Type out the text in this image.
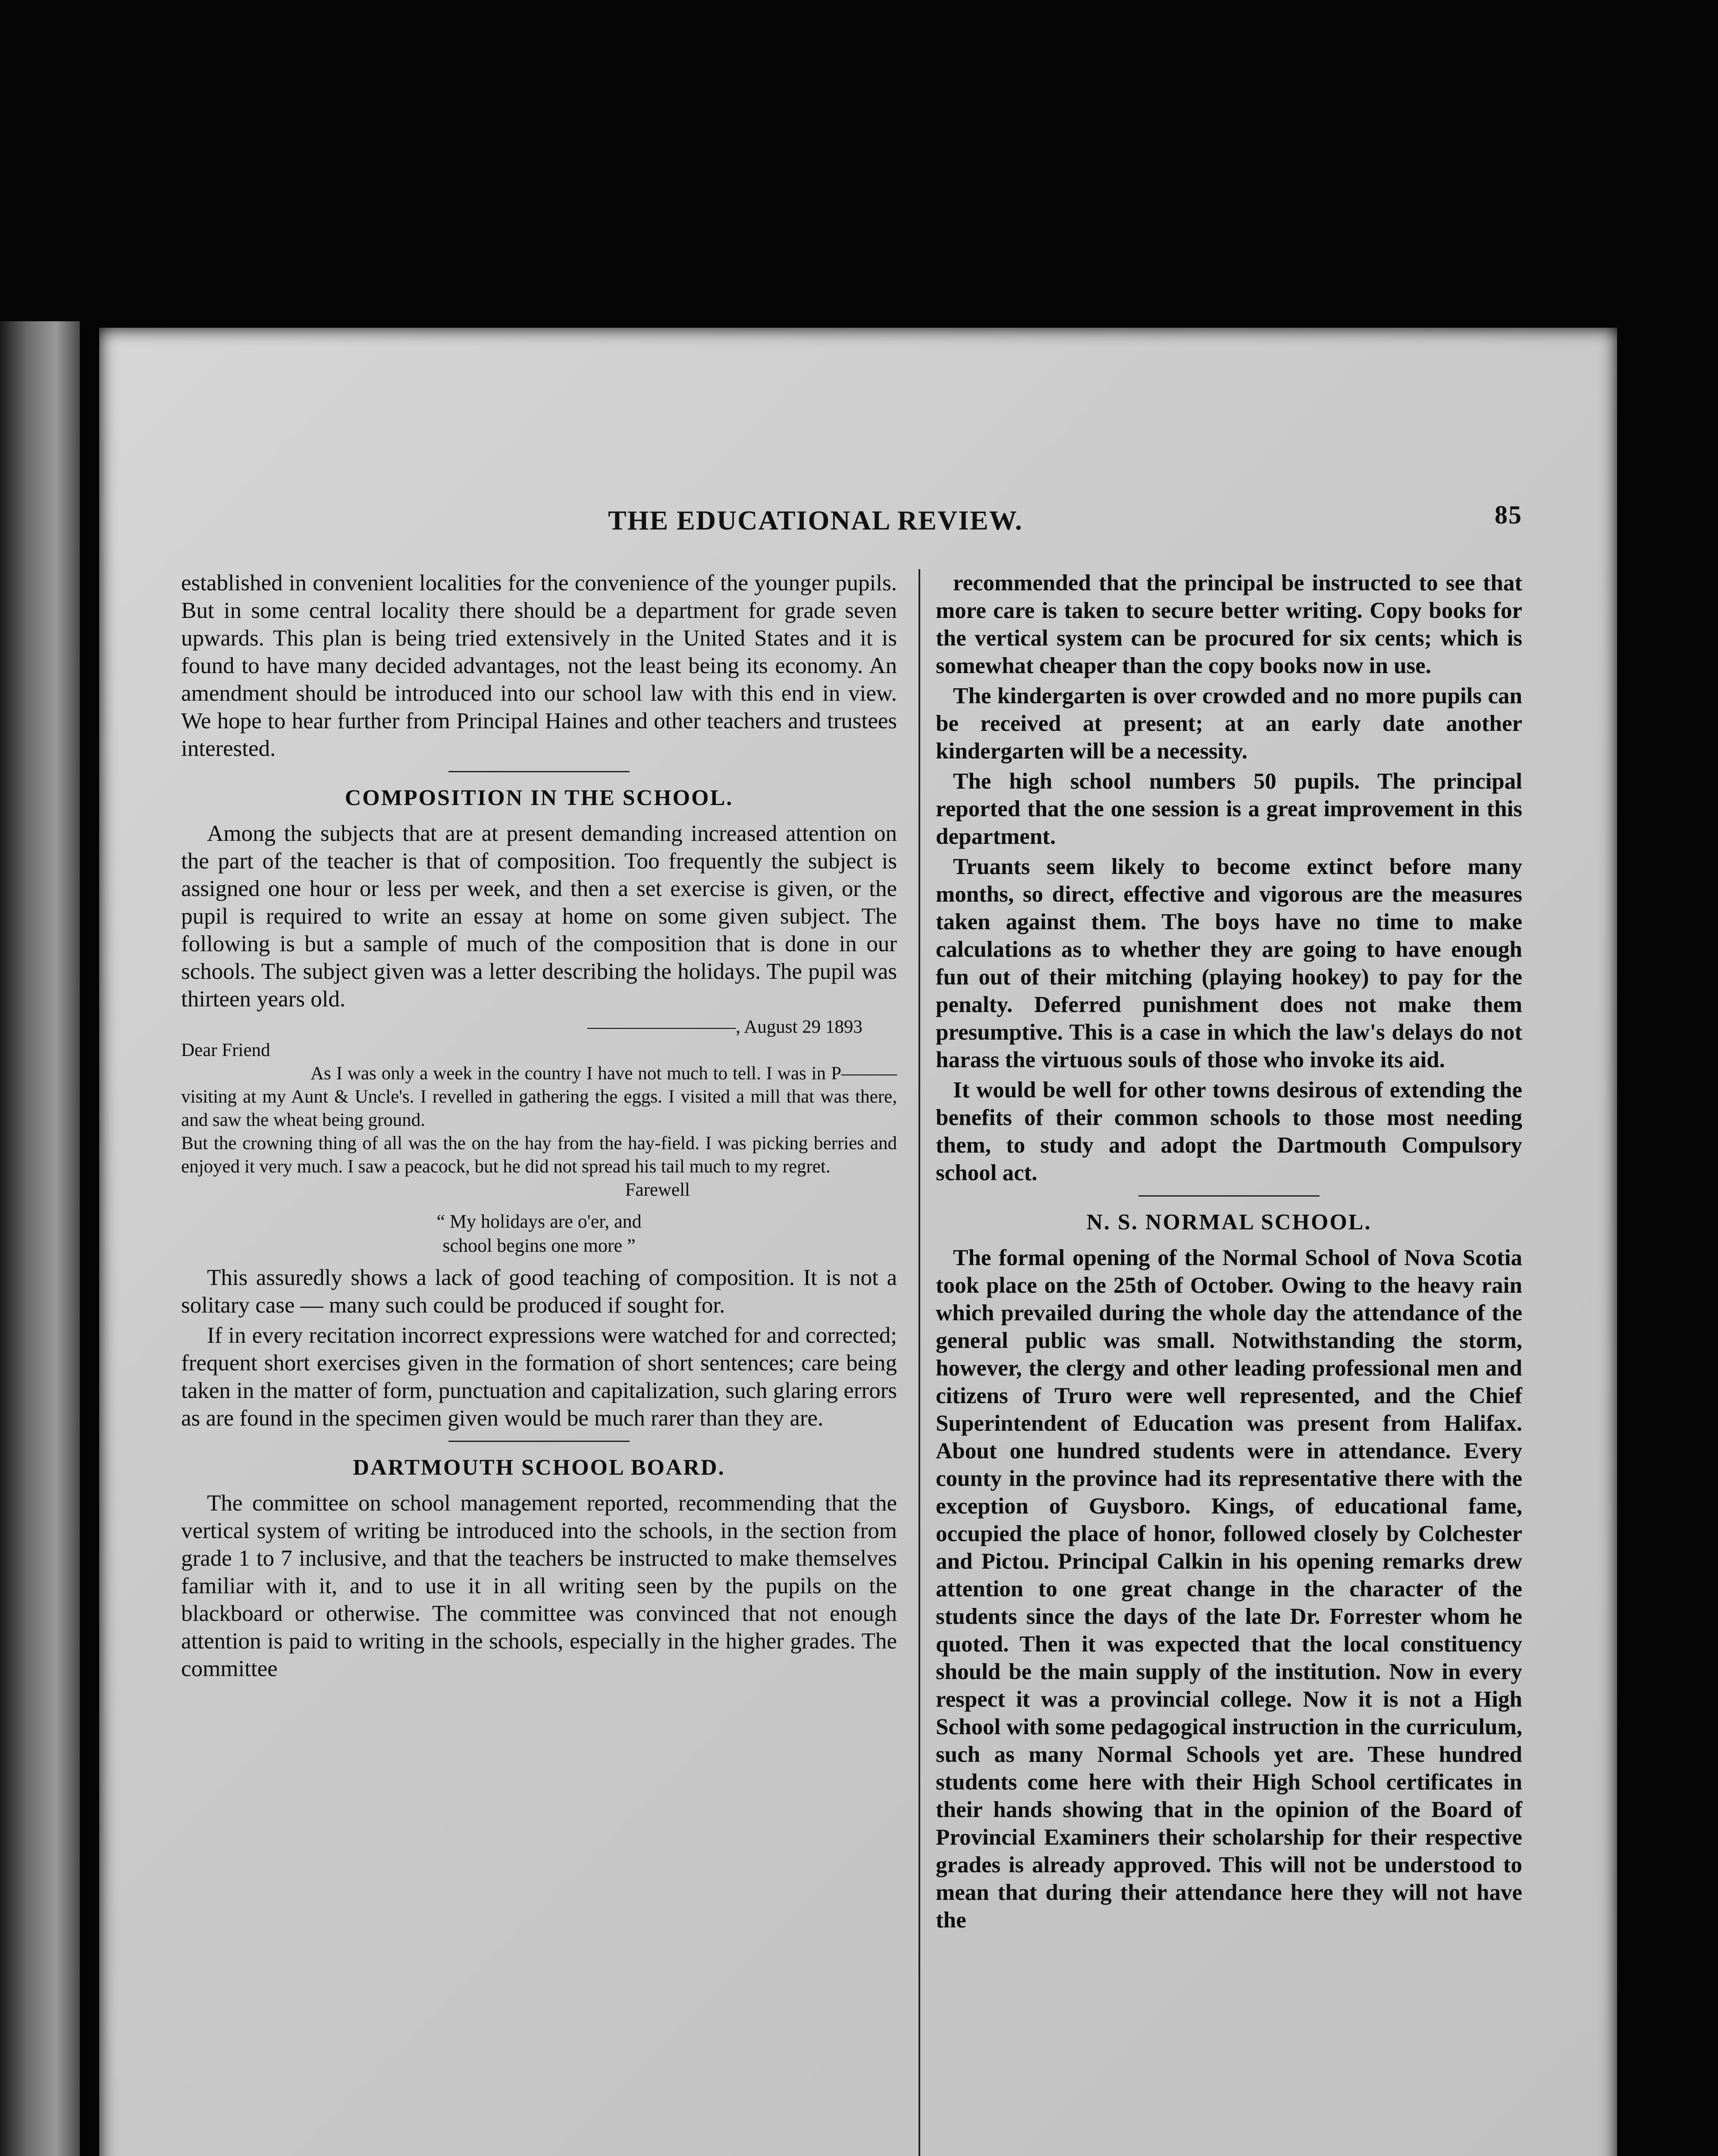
THE EDUCATIONAL REVIEW.	85

established in convenient localities for the convenience of the younger pupils. But in some central locality there should be a department for grade seven upwards. This plan is being tried extensively in the United States and it is found to have many decided advantages, not the least being its economy. An amendment should be introduced into our school law with this end in view. We hope to hear further from Principal Haines and other teachers and trustees interested.

COMPOSITION IN THE SCHOOL.

Among the subjects that are at present demanding increased attention on the part of the teacher is that of composition. Too frequently the subject is assigned one hour or less per week, and then a set exercise is given, or the pupil is required to write an essay at home on some given subject. The following is but a sample of much of the composition that is done in our schools. The subject given was a letter describing the holidays. The pupil was thirteen years old.

————————, August 29 1893
Dear Friend
As I was only a week in the country I have not much to tell. I was in P——— visiting at my Aunt & Uncle's. I revelled in gathering the eggs. I visited a mill that was there, and saw the wheat being ground.
But the crowning thing of all was the on the hay from the hay-field. I was picking berries and enjoyed it very much. I saw a peacock, but he did not spread his tail much to my regret.
Farewell
“ My holidays are o'er, and
school begins one more ”

This assuredly shows a lack of good teaching of composition. It is not a solitary case — many such could be produced if sought for.

If in every recitation incorrect expressions were watched for and corrected; frequent short exercises given in the formation of short sentences; care being taken in the matter of form, punctuation and capitalization, such glaring errors as are found in the specimen given would be much rarer than they are.

DARTMOUTH SCHOOL BOARD.

The committee on school management reported, recommending that the vertical system of writing be introduced into the schools, in the section from grade 1 to 7 inclusive, and that the teachers be instructed to make themselves familiar with it, and to use it in all writing seen by the pupils on the blackboard or otherwise. The committee was convinced that not enough attention is paid to writing in the schools, especially in the higher grades. The committee

recommended that the principal be instructed to see that more care is taken to secure better writing. Copy books for the vertical system can be procured for six cents; which is somewhat cheaper than the copy books now in use.

The kindergarten is over crowded and no more pupils can be received at present; at an early date another kindergarten will be a necessity.

The high school numbers 50 pupils. The principal reported that the one session is a great improvement in this department.

Truants seem likely to become extinct before many months, so direct, effective and vigorous are the measures taken against them. The boys have no time to make calculations as to whether they are going to have enough fun out of their mitching (playing hookey) to pay for the penalty. Deferred punishment does not make them presumptive. This is a case in which the law's delays do not harass the virtuous souls of those who invoke its aid.

It would be well for other towns desirous of extending the benefits of their common schools to those most needing them, to study and adopt the Dartmouth Compulsory school act.

N. S. NORMAL SCHOOL.

The formal opening of the Normal School of Nova Scotia took place on the 25th of October. Owing to the heavy rain which prevailed during the whole day the attendance of the general public was small. Notwithstanding the storm, however, the clergy and other leading professional men and citizens of Truro were well represented, and the Chief Superintendent of Education was present from Halifax. About one hundred students were in attendance. Every county in the province had its representative there with the exception of Guysboro. Kings, of educational fame, occupied the place of honor, followed closely by Colchester and Pictou. Principal Calkin in his opening remarks drew attention to one great change in the character of the students since the days of the late Dr. Forrester whom he quoted. Then it was expected that the local constituency should be the main supply of the institution. Now in every respect it was a provincial college. Now it is not a High School with some pedagogical instruction in the curriculum, such as many Normal Schools yet are. These hundred students come here with their High School certificates in their hands showing that in the opinion of the Board of Provincial Examiners their scholarship for their respective grades is already approved. This will not be understood to mean that during their attendance here they will not have the
